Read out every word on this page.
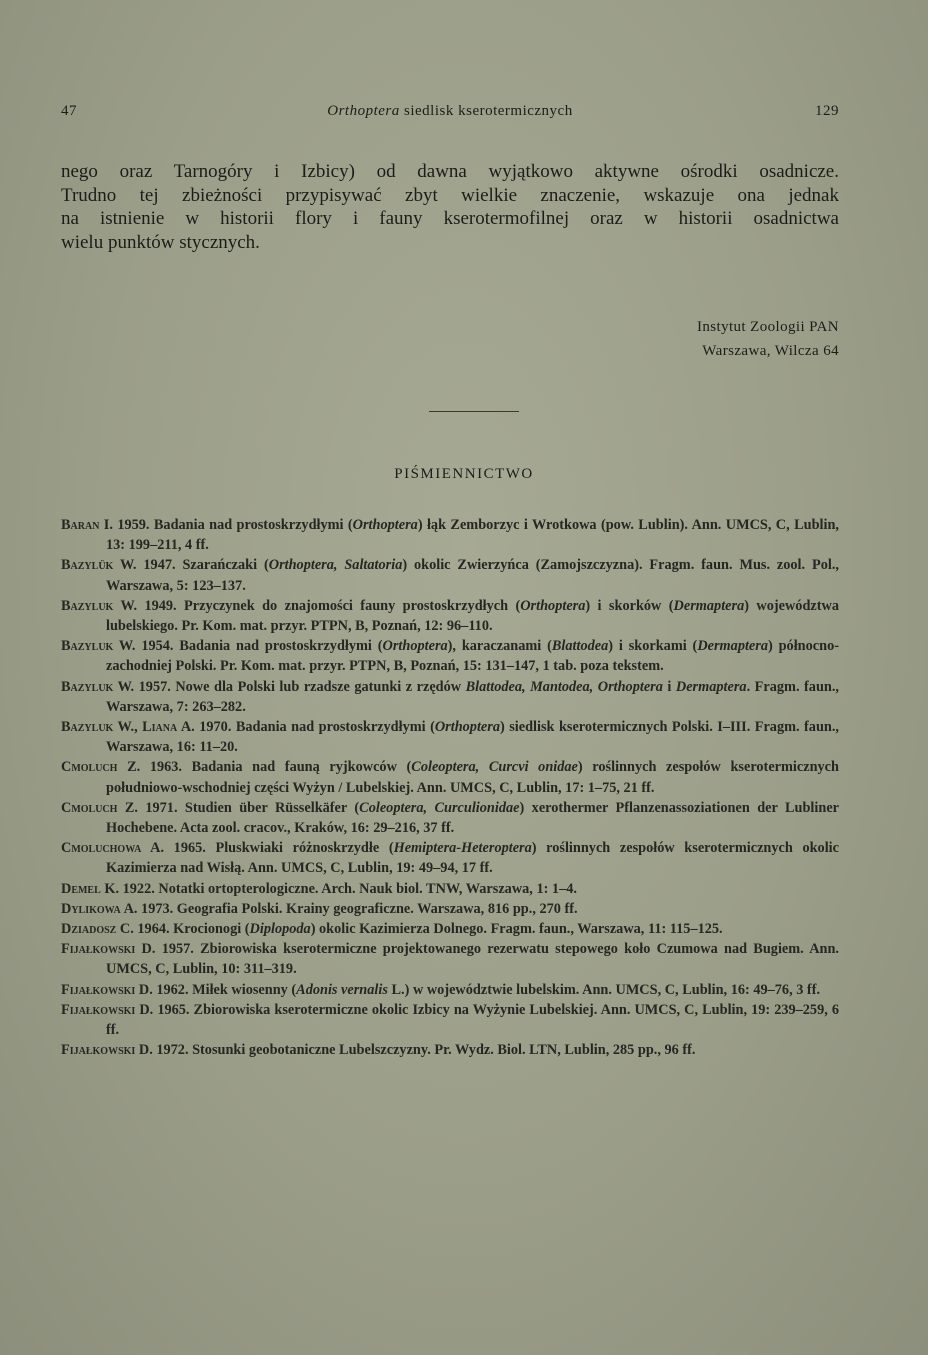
47	Orthoptera siedlisk kserotermicznych	129
nego oraz Tarnogóry i Izbicy) od dawna wyjątkowo aktywne ośrodki osadnicze.
Trudno tej zbieżności przypisywać zbyt wielkie znaczenie, wskazuje ona jednak
na istnienie w historii flory i fauny kserotermofilnej oraz w historii osadnictwa
wielu punktów stycznych.
Instytut Zoologii PAN
Warszawa, Wilcza 64
PIŚMIENNICTWO

Baran I. 1959. Badania nad prostoskrzydłymi (Orthoptera) łąk Zemborzyc i Wrotkowa (pow. Lublin). Ann. UMCS, C, Lublin, 13: 199–211, 4 ff.

Bazylük W. 1947. Szarańczaki (Orthoptera, Saltatoria) okolic Zwierzyńca (Zamojszczyzna). Fragm. faun. Mus. zool. Pol., Warszawa, 5: 123–137.

Bazyluk W. 1949. Przyczynek do znajomości fauny prostoskrzydłych (Orthoptera) i skorków (Dermaptera) województwa lubelskiego. Pr. Kom. mat. przyr. PTPN, B, Poznań, 12: 96–110.

Bazyluk W. 1954. Badania nad prostoskrzydłymi (Orthoptera), karaczanami (Blattodea) i skorkami (Dermaptera) północno-zachodniej Polski. Pr. Kom. mat. przyr. PTPN, B, Poznań, 15: 131–147, 1 tab. poza tekstem.

Bazyluk W. 1957. Nowe dla Polski lub rzadsze gatunki z rzędów Blattodea, Mantodea, Orthoptera i Dermaptera. Fragm. faun., Warszawa, 7: 263–282.

Bazyluk W., Liana A. 1970. Badania nad prostoskrzydłymi (Orthoptera) siedlisk kserotermicznych Polski. I–III. Fragm. faun., Warszawa, 16: 11–20.

Cmoluch Z. 1963. Badania nad fauną ryjkowców (Coleoptera, Curcvi onidae) roślinnych zespołów kserotermicznych południowo-wschodniej części Wyżyn / Lubelskiej. Ann. UMCS, C, Lublin, 17: 1–75, 21 ff.

Cmoluch Z. 1971. Studien über Rüsselkäfer (Coleoptera, Curculionidae) xerothermer Pflanzenassoziationen der Lubliner Hochebene. Acta zool. cracov., Kraków, 16: 29–216, 37 ff.

Cmoluchowa A. 1965. Pluskwiaki różnoskrzydłe (Hemiptera-Heteroptera) roślinnych zespołów kserotermicznych okolic Kazimierza nad Wisłą. Ann. UMCS, C, Lublin, 19: 49–94, 17 ff.

Demel K. 1922. Notatki ortopterologiczne. Arch. Nauk biol. TNW, Warszawa, 1: 1–4.

Dylikowa A. 1973. Geografia Polski. Krainy geograficzne. Warszawa, 816 pp., 270 ff.

Dziadosz C. 1964. Krocionogi (Diplopoda) okolic Kazimierza Dolnego. Fragm. faun., Warszawa, 11: 115–125.

Fijałkowski D. 1957. Zbiorowiska kserotermiczne projektowanego rezerwatu stepowego koło Czumowa nad Bugiem. Ann. UMCS, C, Lublin, 10: 311–319.

Fijałkowski D. 1962. Miłek wiosenny (Adonis vernalis L.) w województwie lubelskim. Ann. UMCS, C, Lublin, 16: 49–76, 3 ff.

Fijałkowski D. 1965. Zbiorowiska kserotermiczne okolic Izbicy na Wyżynie Lubelskiej. Ann. UMCS, C, Lublin, 19: 239–259, 6 ff.

Fijałkowski D. 1972. Stosunki geobotaniczne Lubelszczyzny. Pr. Wydz. Biol. LTN, Lublin, 285 pp., 96 ff.
